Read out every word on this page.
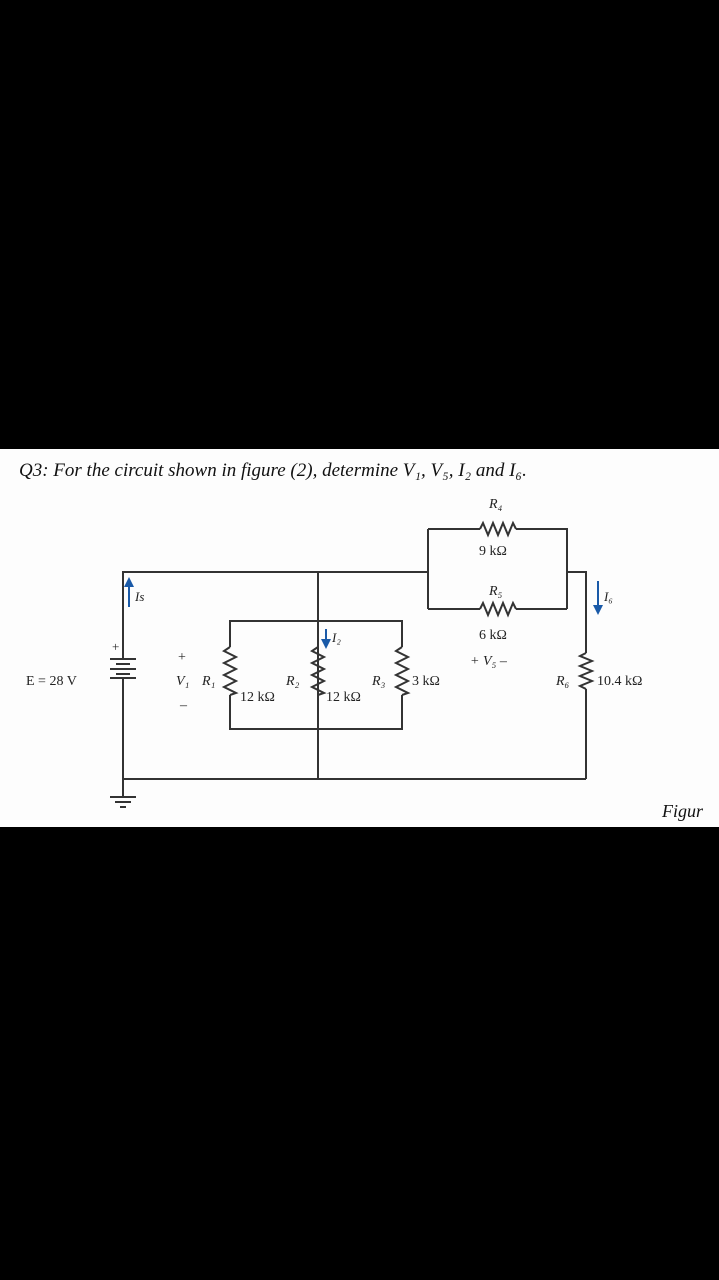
Q3: For the circuit shown in figure (2), determine V₁, V₅, I₂ and I₆.

+
E = 28 V	R₁
12 kΩ
R₂
12 kΩ
R₃ 3 kΩ
R₄
9 kΩ
R₅
6 kΩ
R₆ 10.4 kΩ
+
V₁
–
+ V₅ –
Is
I₂
I₆

Figur
